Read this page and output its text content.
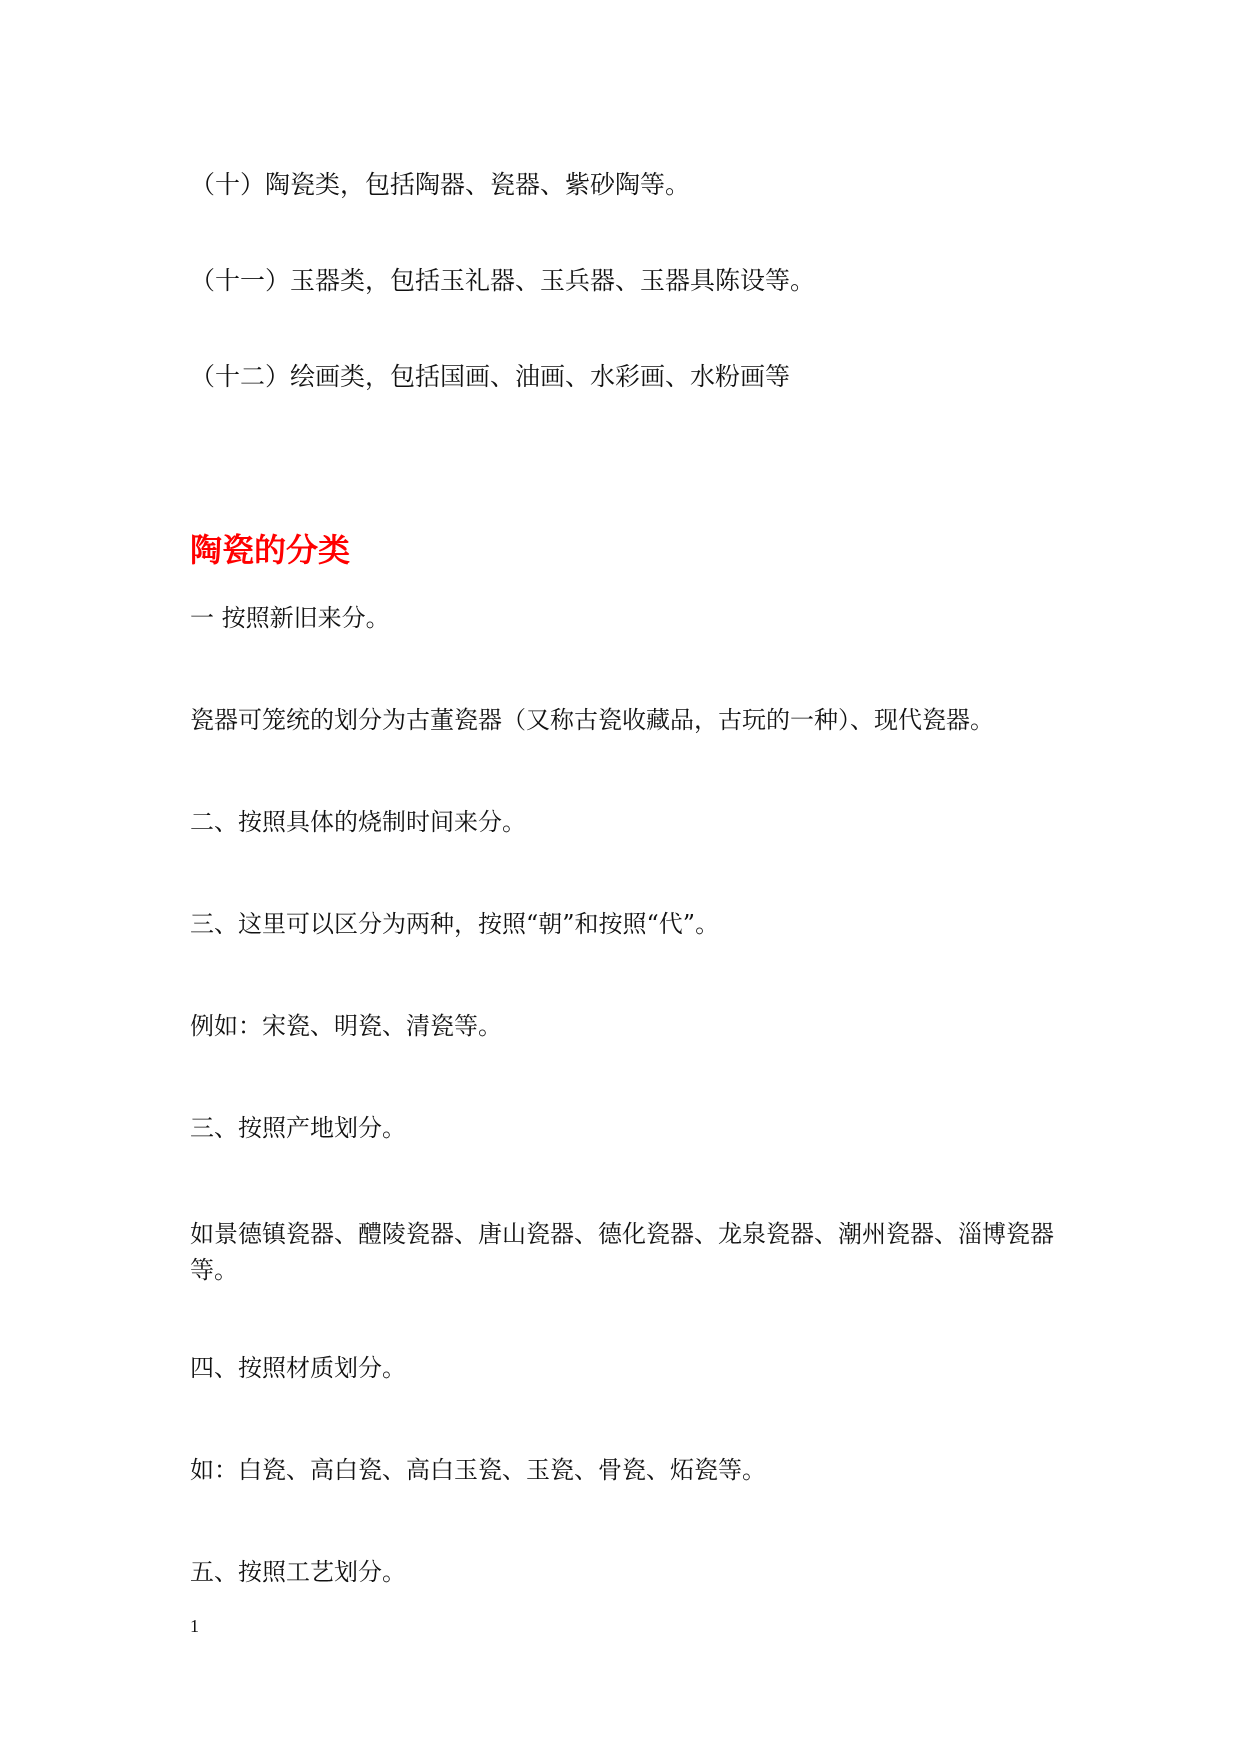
（十）陶瓷类，包括陶器、瓷器、紫砂陶等。

（十一）玉器类，包括玉礼器、玉兵器、玉器具陈设等。

（十二）绘画类，包括国画、油画、水彩画、水粉画等

陶瓷的分类

一 按照新旧来分。

瓷器可笼统的划分为古董瓷器（又称古瓷收藏品，古玩的一种）、现代瓷器。

二、按照具体的烧制时间来分。

三、这里可以区分为两种，按照“朝”和按照“代”。

例如：宋瓷、明瓷、清瓷等。

三、按照产地划分。

如景德镇瓷器、醴陵瓷器、唐山瓷器、德化瓷器、龙泉瓷器、潮州瓷器、淄博瓷器等。

四、按照材质划分。

如：白瓷、高白瓷、高白玉瓷、玉瓷、骨瓷、炻瓷等。

五、按照工艺划分。

1
